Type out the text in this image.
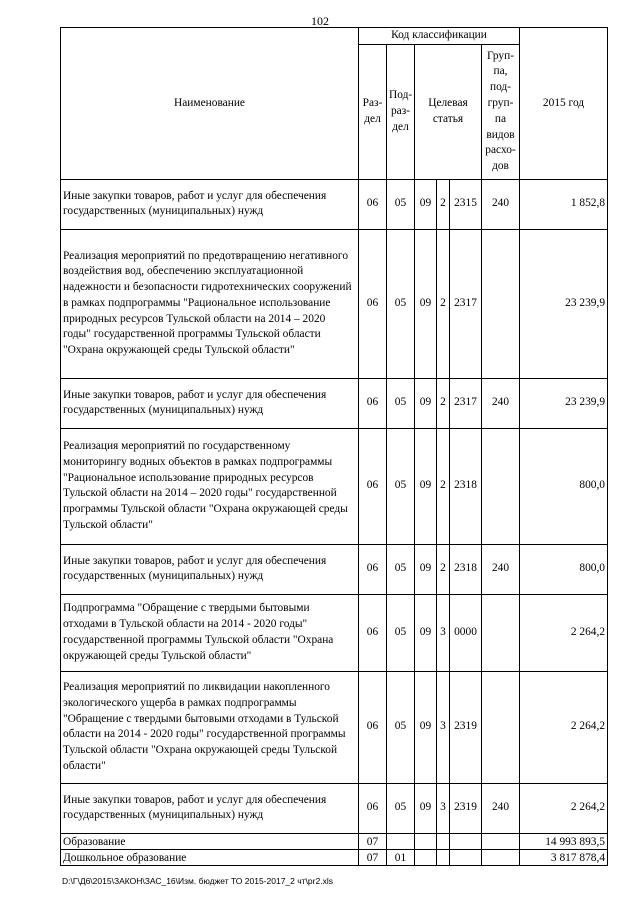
102
Наименование	Код классификации						2015 год
	Раз-дел	Под-раз-дел	Целевая статья			Груп-па, под-груп-па видов расхо-дов	
Иные закупки товаров, работ и услуг для обеспечения государственных (муниципальных) нужд	06	05	09	2	2315	240	1 852,8
Реализация мероприятий по предотвращению негативного воздействия вод, обеспечению эксплуатационной надежности и безопасности гидротехнических сооружений в рамках подпрограммы "Рациональное использование природных ресурсов Тульской области на 2014 – 2020 годы" государственной программы Тульской области "Охрана окружающей среды Тульской области"	06	05	09	2	2317		23 239,9
Иные закупки товаров, работ и услуг для обеспечения государственных (муниципальных) нужд	06	05	09	2	2317	240	23 239,9
Реализация мероприятий по государственному мониторингу водных объектов в рамках подпрограммы "Рациональное использование природных ресурсов Тульской области на 2014 – 2020 годы" государственной программы Тульской области "Охрана окружающей среды Тульской области"	06	05	09	2	2318		800,0
Иные закупки товаров, работ и услуг для обеспечения государственных (муниципальных) нужд	06	05	09	2	2318	240	800,0
Подпрограмма "Обращение с твердыми бытовыми отходами в Тульской области на 2014 - 2020 годы" государственной программы Тульской области "Охрана окружающей среды Тульской области"	06	05	09	3	0000		2 264,2
Реализация мероприятий по ликвидации накопленного экологического ущерба в рамках подпрограммы "Обращение с твердыми бытовыми отходами в Тульской области на 2014 - 2020 годы" государственной программы Тульской области "Охрана окружающей среды Тульской области"	06	05	09	3	2319		2 264,2
Иные закупки товаров, работ и услуг для обеспечения государственных (муниципальных) нужд	06	05	09	3	2319	240	2 264,2
Образование	07						14 993 893,5
Дошкольное образование	07	01					3 817 878,4
D:\Г\Д6\2015\ЗАКОН\ЗАС_16\Изм. бюджет ТО 2015-2017_2 чт\pr2.xls
